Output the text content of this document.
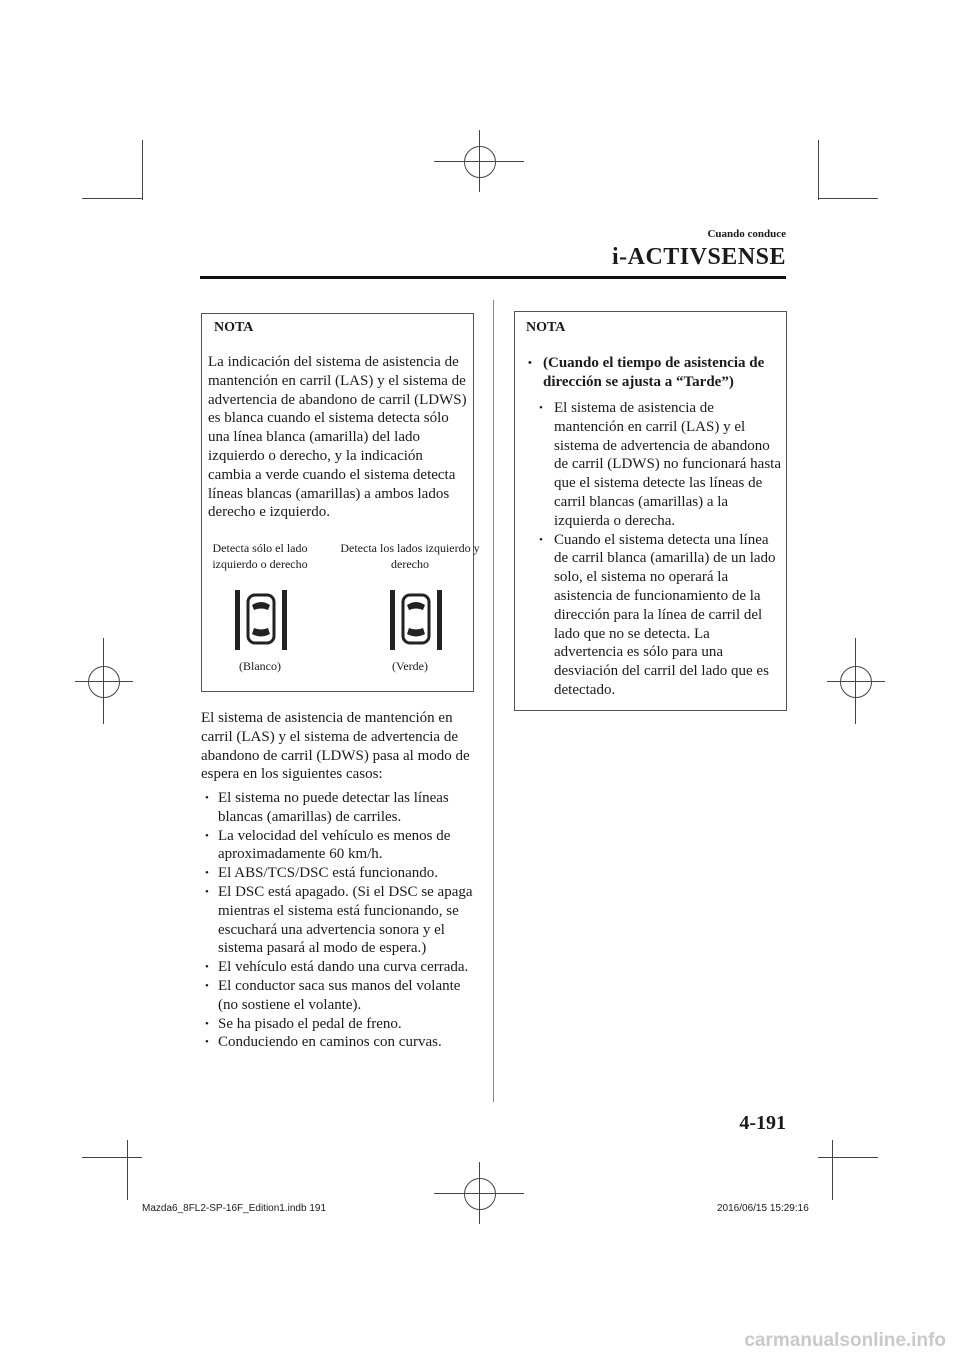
Cuando conduce
i-ACTIVSENSE
NOTA
La indicación del sistema de asistencia de mantención en carril (LAS) y el sistema de advertencia de abandono de carril (LDWS) es blanca cuando el sistema detecta sólo una línea blanca (amarilla) del lado izquierdo o derecho, y la indicación cambia a verde cuando el sistema detecta líneas blancas (amarillas) a ambos lados derecho e izquierdo.
Detecta sólo el lado izquierdo o derecho
Detecta los lados izquierdo y derecho
(Blanco)	(Verde)
El sistema de asistencia de mantención en carril (LAS) y el sistema de advertencia de abandono de carril (LDWS) pasa al modo de espera en los siguientes casos:
• El sistema no puede detectar las líneas blancas (amarillas) de carriles.
• La velocidad del vehículo es menos de aproximadamente 60 km/h.
• El ABS/TCS/DSC está funcionando.
• El DSC está apagado. (Si el DSC se apaga mientras el sistema está funcionando, se escuchará una advertencia sonora y el sistema pasará al modo de espera.)
• El vehículo está dando una curva cerrada.
• El conductor saca sus manos del volante (no sostiene el volante).
• Se ha pisado el pedal de freno.
• Conduciendo en caminos con curvas.
NOTA
• (Cuando el tiempo de asistencia de dirección se ajusta a “Tarde”)
• El sistema de asistencia de mantención en carril (LAS) y el sistema de advertencia de abandono de carril (LDWS) no funcionará hasta que el sistema detecte las líneas de carril blancas (amarillas) a la izquierda o derecha.
• Cuando el sistema detecta una línea de carril blanca (amarilla) de un lado solo, el sistema no operará la asistencia de funcionamiento de la dirección para la línea de carril del lado que no se detecta. La advertencia es sólo para una desviación del carril del lado que es detectado.
4-191
Mazda6_8FL2-SP-16F_Edition1.indb 191	2016/06/15 15:29:16
carmanualsonline.info
